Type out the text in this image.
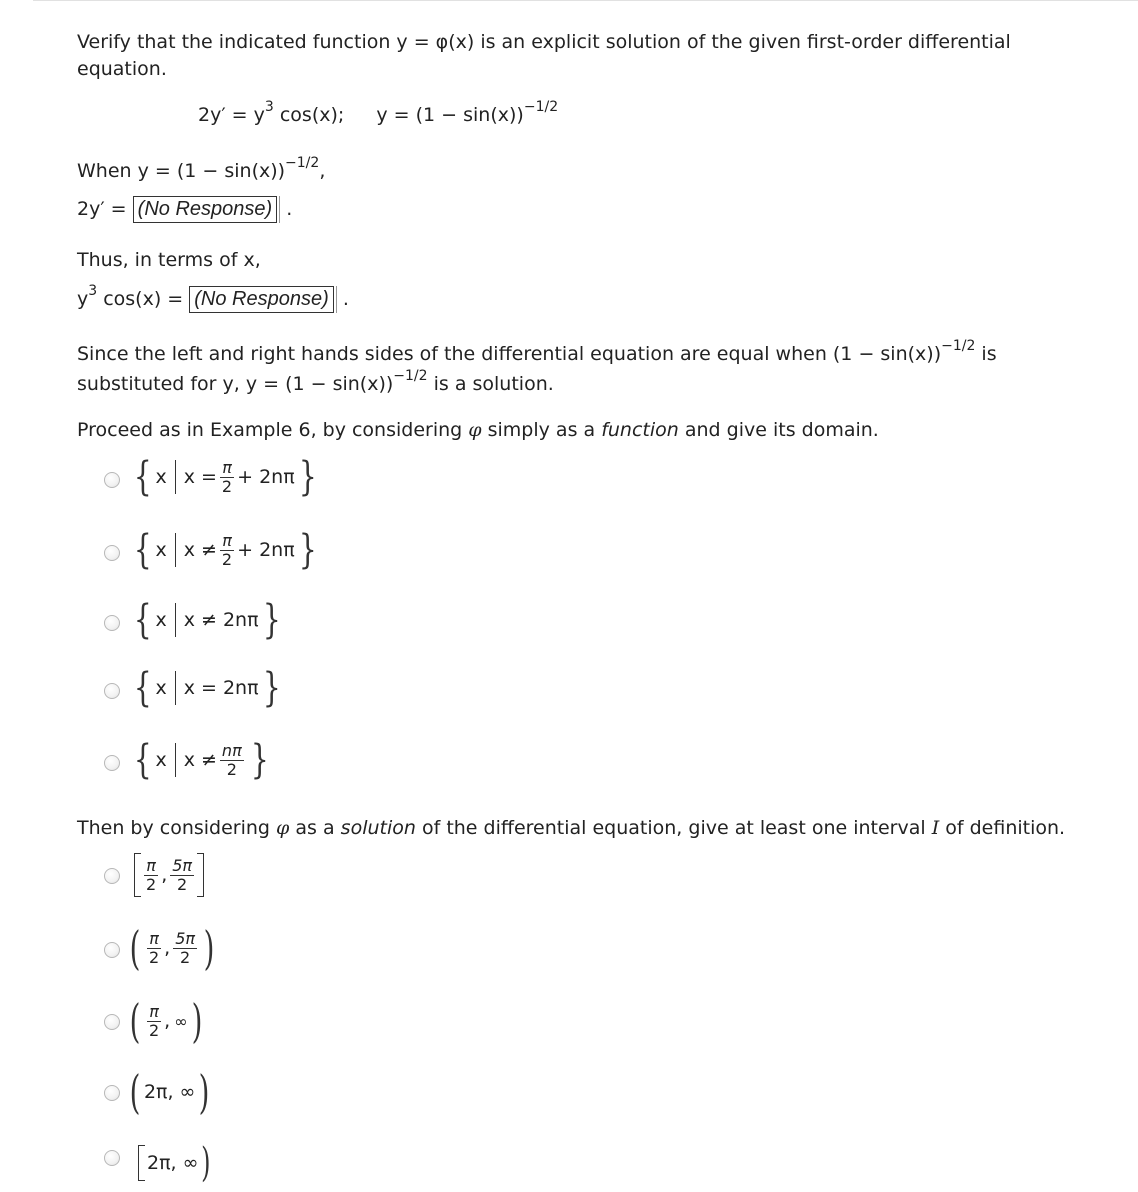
Verify that the indicated function y = φ(x) is an explicit solution of the given first-order differential
equation.
$2y' = y^3$ cos(x); $y = (1 - \sin(x))^{-1/2}$
When $y = (1 - \sin(x))^{-1/2}$,
2y′ = (No Response) .
Thus, in terms of x,
$y^3$ cos(x) = (No Response) .
Since the left and right hands sides of the differential equation are equal when $(1 - \sin(x))^{-1/2}$ is
substituted for y, $y = (1 - \sin(x))^{-1/2}$ is a solution.
Proceed as in Example 6, by considering φ simply as a function and give its domain.
{ x $x = \frac{\pi}{2} + 2n\pi$}
{ x $x \ne \frac{\pi}{2} + 2n\pi$}
{ x x ≠ 2nπ}
{ x x = 2nπ}
{ x $x \ne \frac{n\pi}{2}$ }
Then by considering φ as a solution of the differential equation, give at least one interval I of definition.
$\frac{\pi}{2}$ , $\frac{5\pi}{2}$
( $\frac{\pi}{2}$ , $\frac{5\pi}{2}$ )
( $\frac{\pi}{2}$ , ∞)
( 2π, ∞)
2π, ∞)
